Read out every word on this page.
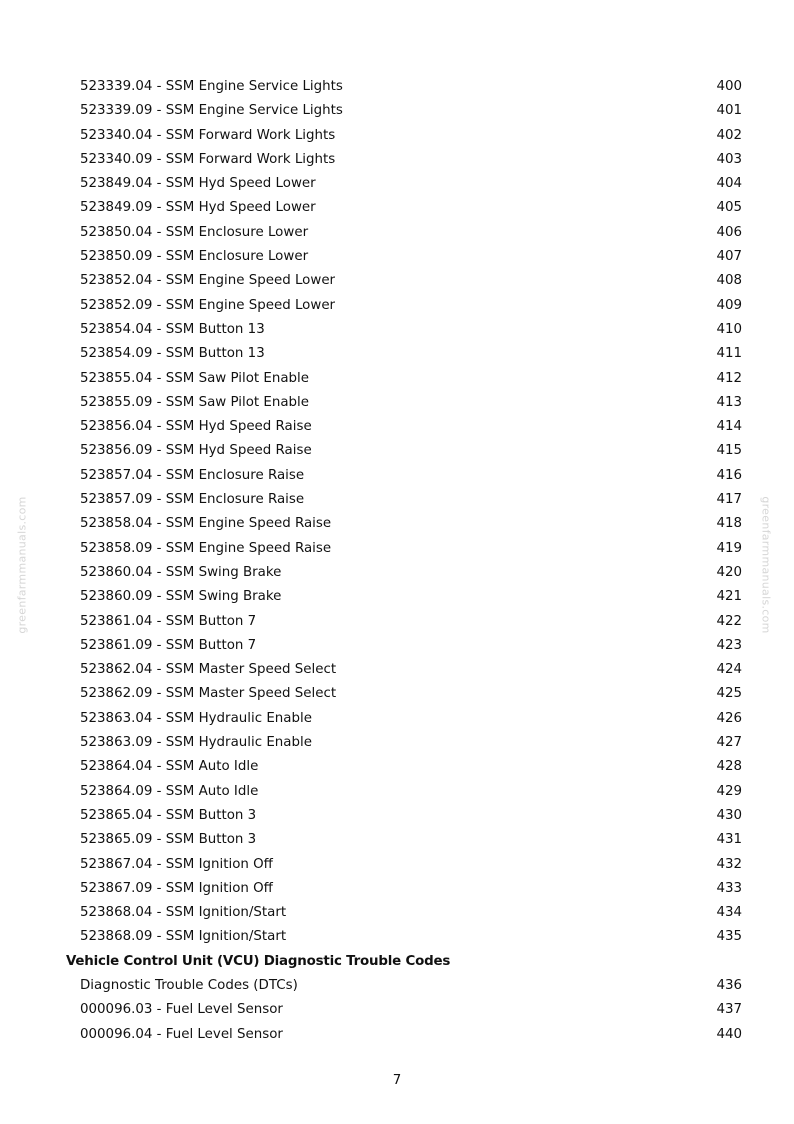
greenfarmmanuals.com	greenfarmmanuals.com
523339.04 - SSM Engine Service Lights	400
523339.09 - SSM Engine Service Lights	401
523340.04 - SSM Forward Work Lights	402
523340.09 - SSM Forward Work Lights	403
523849.04 - SSM Hyd Speed Lower	404
523849.09 - SSM Hyd Speed Lower	405
523850.04 - SSM Enclosure Lower	406
523850.09 - SSM Enclosure Lower	407
523852.04 - SSM Engine Speed Lower	408
523852.09 - SSM Engine Speed Lower	409
523854.04 - SSM Button 13	410
523854.09 - SSM Button 13	411
523855.04 - SSM Saw Pilot Enable	412
523855.09 - SSM Saw Pilot Enable	413
523856.04 - SSM Hyd Speed Raise	414
523856.09 - SSM Hyd Speed Raise	415
523857.04 - SSM Enclosure Raise	416
523857.09 - SSM Enclosure Raise	417
523858.04 - SSM Engine Speed Raise	418
523858.09 - SSM Engine Speed Raise	419
523860.04 - SSM Swing Brake	420
523860.09 - SSM Swing Brake	421
523861.04 - SSM Button 7	422
523861.09 - SSM Button 7	423
523862.04 - SSM Master Speed Select	424
523862.09 - SSM Master Speed Select	425
523863.04 - SSM Hydraulic Enable	426
523863.09 - SSM Hydraulic Enable	427
523864.04 - SSM Auto Idle	428
523864.09 - SSM Auto Idle	429
523865.04 - SSM Button 3	430
523865.09 - SSM Button 3	431
523867.04 - SSM Ignition Off	432
523867.09 - SSM Ignition Off	433
523868.04 - SSM Ignition/Start	434
523868.09 - SSM Ignition/Start	435
Vehicle Control Unit (VCU) Diagnostic Trouble Codes
Diagnostic Trouble Codes (DTCs)	436
000096.03 - Fuel Level Sensor	437
000096.04 - Fuel Level Sensor	440
7
